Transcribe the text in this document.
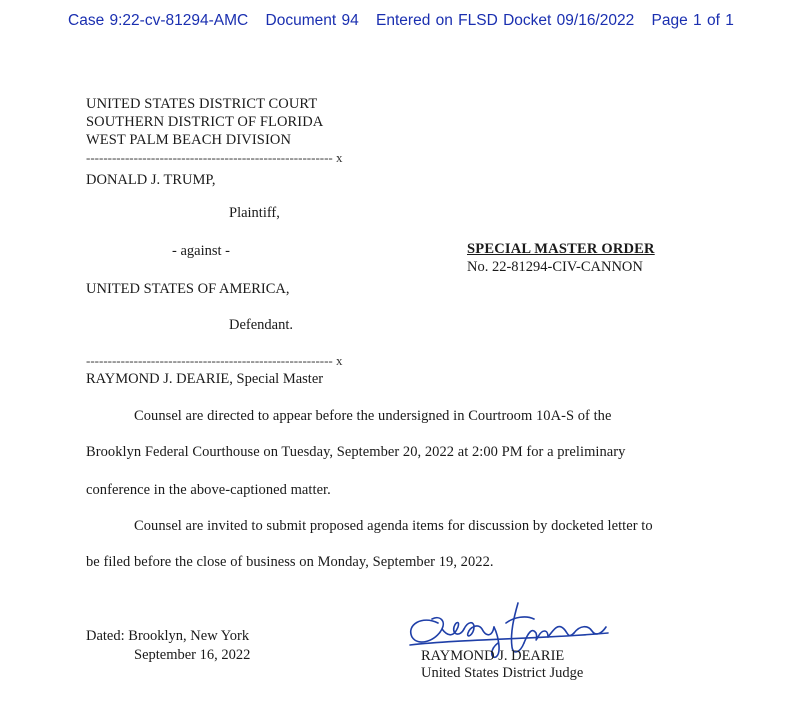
Case 9:22-cv-81294-AMC Document 94 Entered on FLSD Docket 09/16/2022 Page 1 of 1
UNITED STATES DISTRICT COURT
SOUTHERN DISTRICT OF FLORIDA
WEST PALM BEACH DIVISION
--------------------------------------------------------- x
DONALD J. TRUMP,
Plaintiff,
- against -	SPECIAL MASTER ORDER
No. 22-81294-CIV-CANNON
UNITED STATES OF AMERICA,
Defendant.
--------------------------------------------------------- x
RAYMOND J. DEARIE, Special Master
Counsel are directed to appear before the undersigned in Courtroom 10A-S of the
Brooklyn Federal Courthouse on Tuesday, September 20, 2022 at 2:00 PM for a preliminary
conference in the above-captioned matter.
Counsel are invited to submit proposed agenda items for discussion by docketed letter to
be filed before the close of business on Monday, September 19, 2022.
Dated: Brooklyn, New York
September 16, 2022	RAYMOND J. DEARIE
United States District Judge
